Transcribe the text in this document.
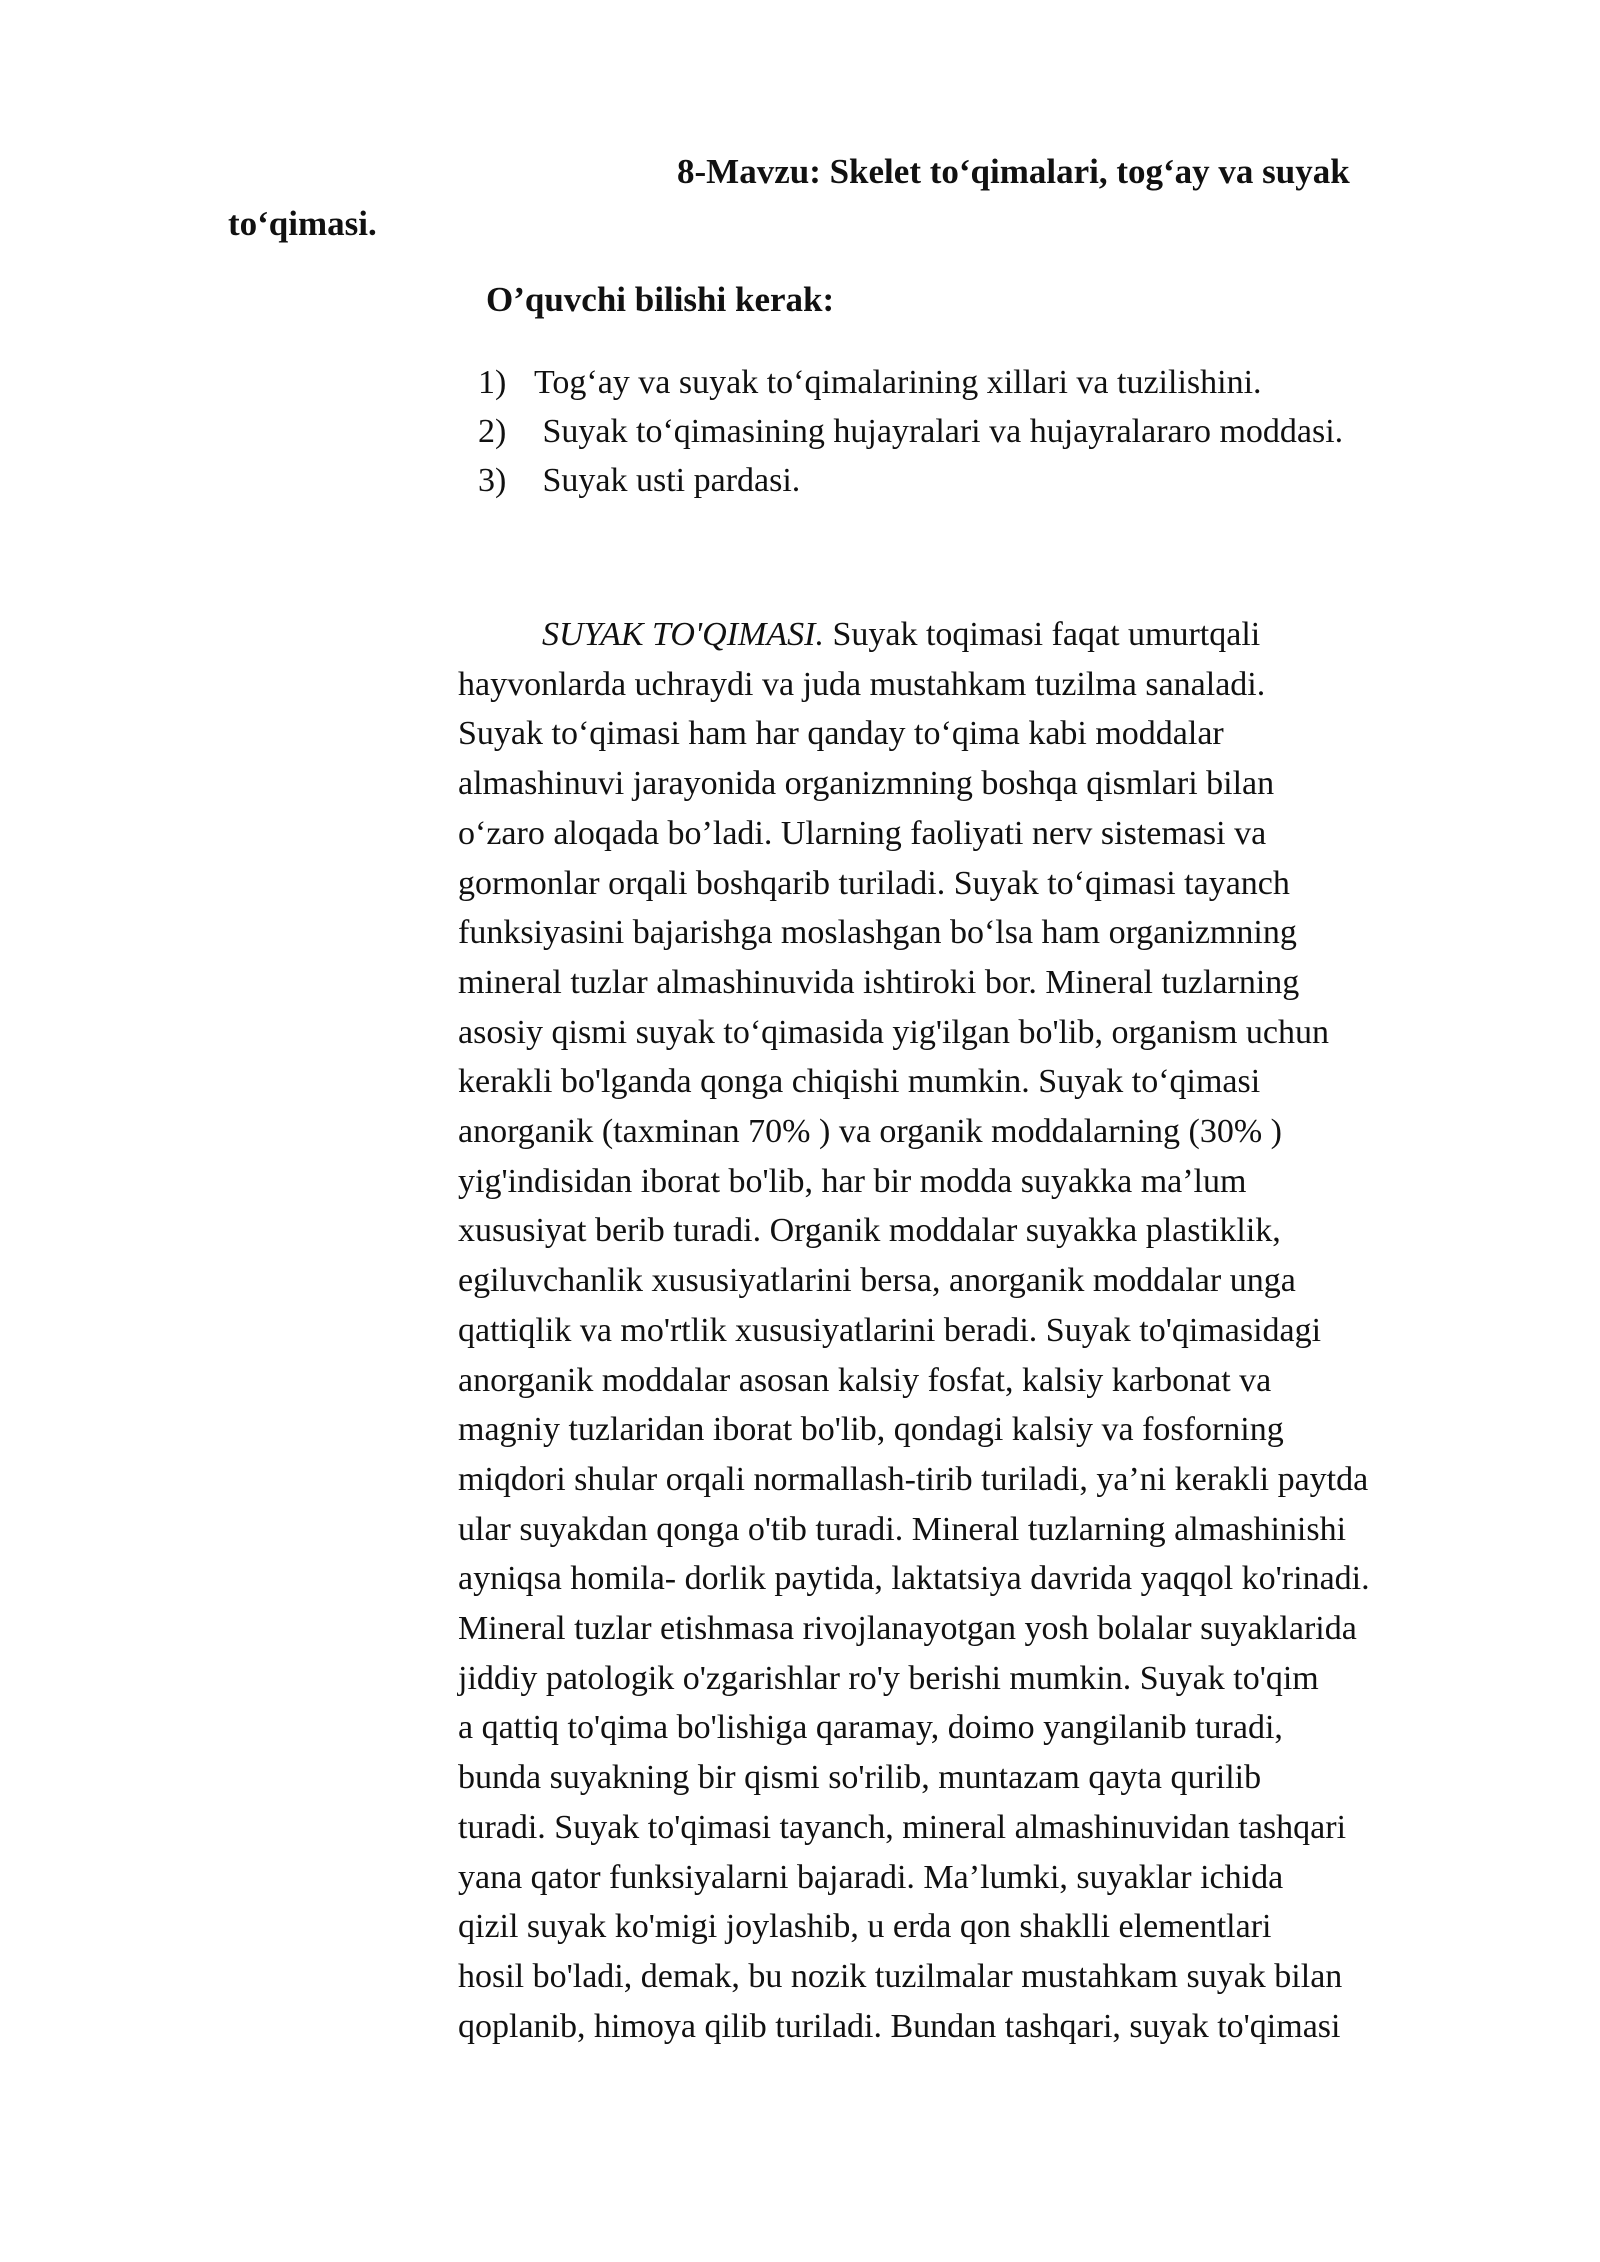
8-Mavzu: Skelet to‘qimalari, tog‘ay va suyak
to‘qimasi.
O’quvchi bilishi kerak:
1) Tog‘ay va suyak to‘qimalarining xillari va tuzilishini.
2) Suyak to‘qimasining hujayralari va hujayralararo moddasi.
3) Suyak usti pardasi.
SUYAK TO'QIMASI. Suyak toqimasi faqat umurtqali
hayvonlarda uchraydi va juda mustahkam tuzilma sanaladi.
Suyak to‘qimasi ham har qanday to‘qima kabi moddalar
almashinuvi jarayonida organizmning boshqa qismlari bilan
o‘zaro aloqada bo’ladi. Ularning faoliyati nerv sistemasi va
gormonlar orqali boshqarib turiladi. Suyak to‘qimasi tayanch
funksiyasini bajarishga moslashgan bo‘lsa ham organizmning
mineral tuzlar almashinuvida ishtiroki bor. Mineral tuzlarning
asosiy qismi suyak to‘qimasida yig'ilgan bo'lib, organism uchun
kerakli bo'lganda qonga chiqishi mumkin. Suyak to‘qimasi
anorganik (taxminan 70% ) va organik moddalarning (30% )
yig'indisidan iborat bo'lib, har bir modda suyakka ma’lum
xususiyat berib turadi. Organik moddalar suyakka plastiklik,
egiluvchanlik xususiyatlarini bersa, anorganik moddalar unga
qattiqlik va mo'rtlik xususiyatlarini beradi. Suyak to'qimasidagi
anorganik moddalar asosan kalsiy fosfat, kalsiy karbonat va
magniy tuzlaridan iborat bo'lib, qondagi kalsiy va fosforning
miqdori shular orqali normallash-tirib turiladi, ya’ni kerakli paytda
ular suyakdan qonga o'tib turadi. Mineral tuzlarning almashinishi
ayniqsa homila- dorlik paytida, laktatsiya davrida yaqqol ko'rinadi.
Mineral tuzlar etishmasa rivojlanayotgan yosh bolalar suyaklarida
jiddiy patologik o'zgarishlar ro'y berishi mumkin. Suyak to'qim
a qattiq to'qima bo'lishiga qaramay, doimo yangilanib turadi,
bunda suyakning bir qismi so'rilib, muntazam qayta qurilib
turadi. Suyak to'qimasi tayanch, mineral almashinuvidan tashqari
yana qator funksiyalarni bajaradi. Ma’lumki, suyaklar ichida
qizil suyak ko'migi joylashib, u erda qon shaklli elementlari
hosil bo'ladi, demak, bu nozik tuzilmalar mustahkam suyak bilan
qoplanib, himoya qilib turiladi. Bundan tashqari, suyak to'qimasi
